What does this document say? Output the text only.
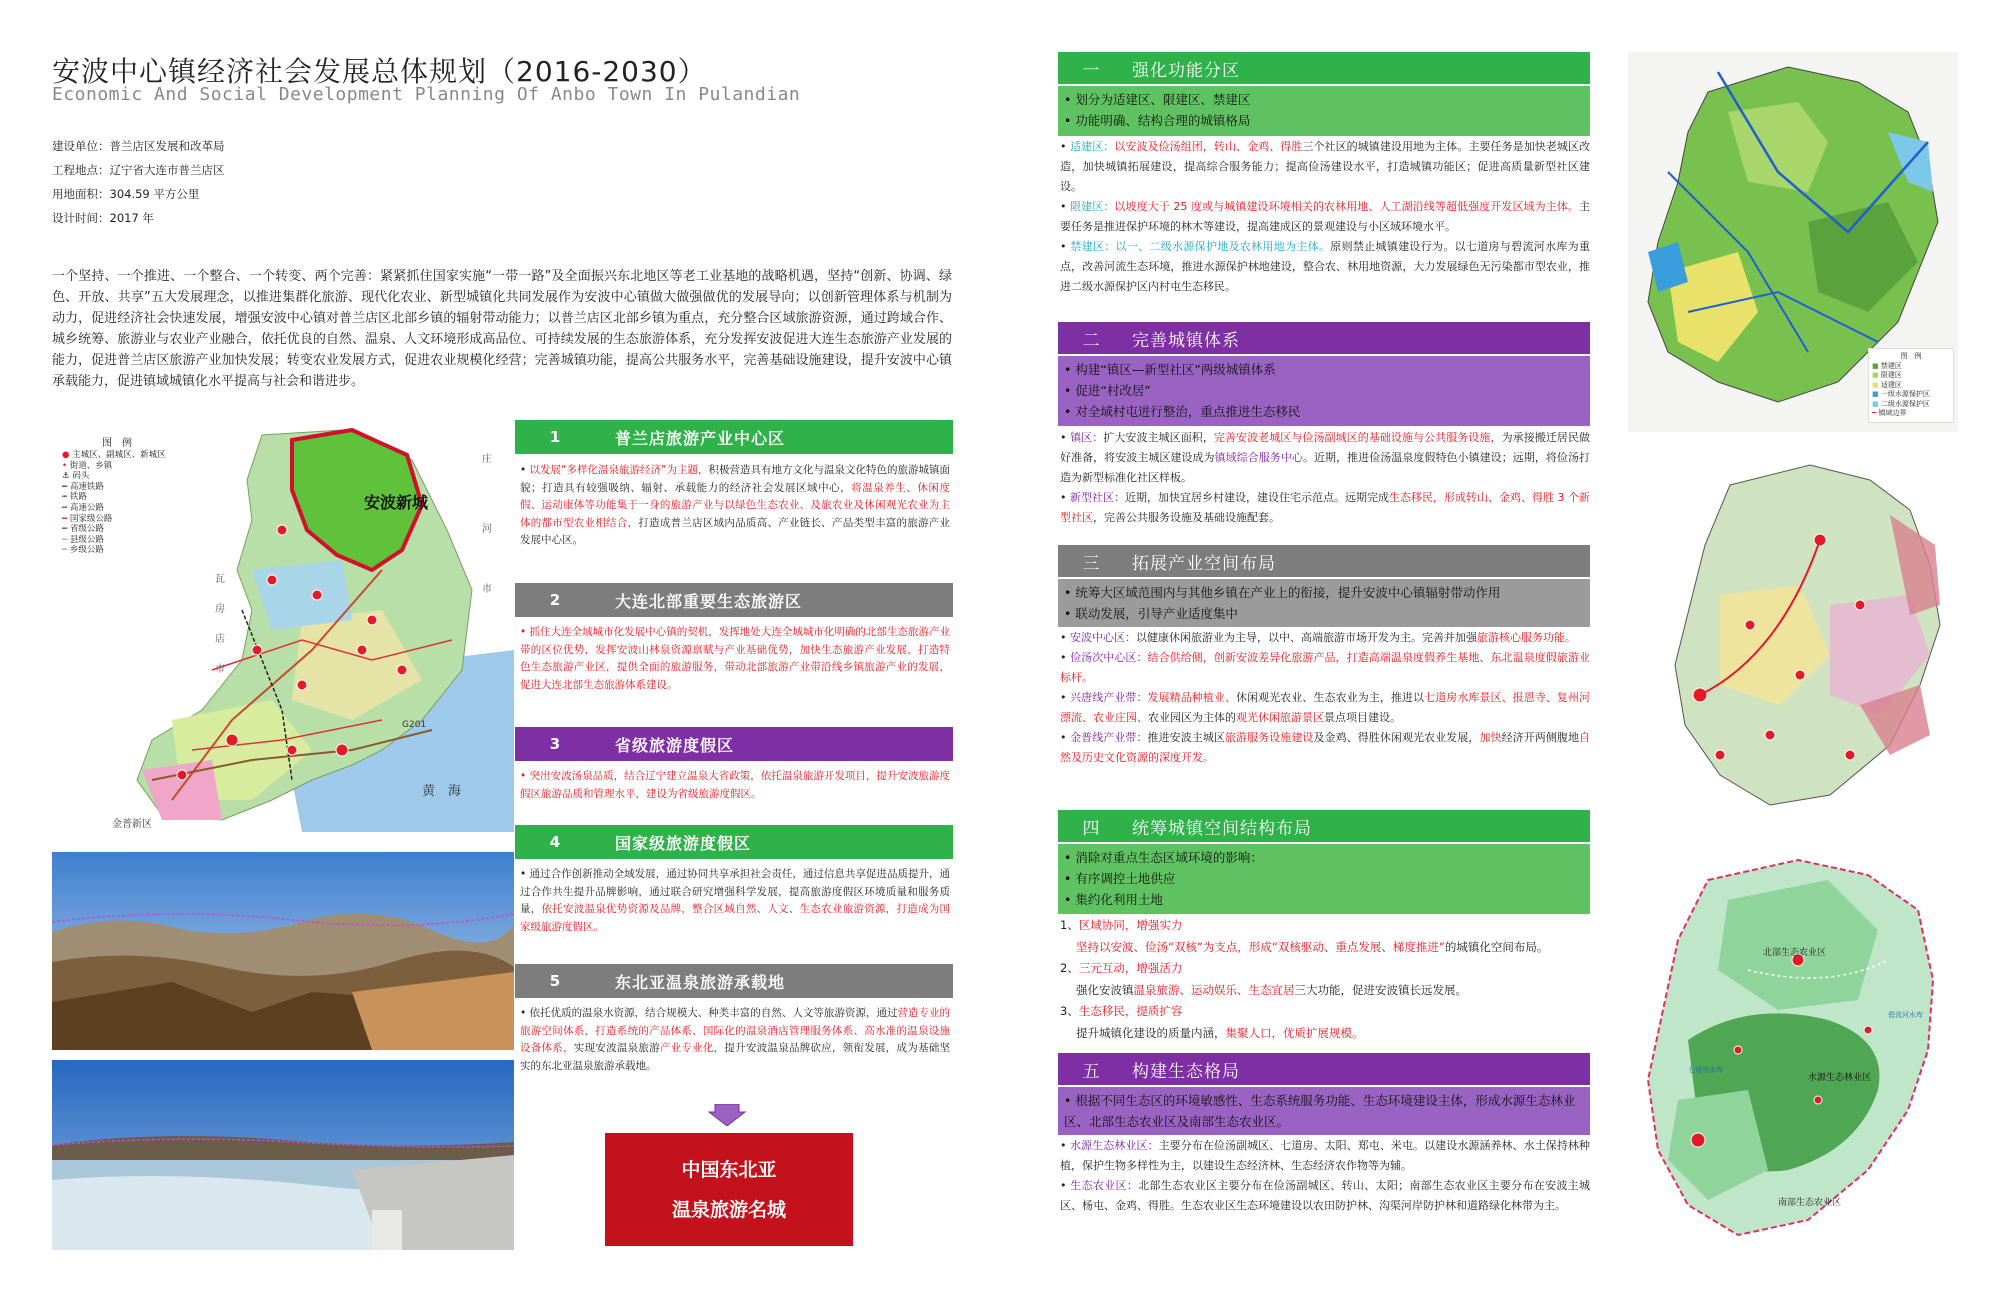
安波中心镇经济社会发展总体规划（2016-2030）
Economic And Social Development Planning Of Anbo Town In Pulandian
建设单位：普兰店区发展和改革局
工程地点：辽宁省大连市普兰店区
用地面积：304.59 平方公里
设计时间：2017 年
一个坚持、一个推进、一个整合、一个转变、两个完善：紧紧抓住国家实施“一带一路”及全面振兴东北地区等老工业基地的战略机遇，坚持“创新、协调、绿色、开放、共享”五大发展理念，以推进集群化旅游、现代化农业、新型城镇化共同发展作为安波中心镇做大做强做优的发展导向；以创新管理体系与机制为动力，促进经济社会快速发展，增强安波中心镇对普兰店区北部乡镇的辐射带动能力；以普兰店区北部乡镇为重点，充分整合区域旅游资源，通过跨域合作、城乡统筹、旅游业与农业产业融合，依托优良的自然、温泉、人文环境形成高品位、可持续发展的生态旅游体系，充分发挥安波促进大连生态旅游产业发展的能力，促进普兰店区旅游产业加快发展；转变农业发展方式，促进农业规模化经营；完善城镇功能，提高公共服务水平，完善基础设施建设，提升安波中心镇承载能力，促进镇域城镇化水平提高与社会和谐进步。
图　例
● 主城区、副城区、新城区
• 街道、乡镇
⚓ 码头
━ 高速铁路
┅ 铁路
━ 高速公路
━ 国家级公路
━ 省级公路
━ 县级公路
━ 乡级公路
安波新城
庄
河
市
瓦
房
店
市
黄　海
金普新区
G201
1	普兰店旅游产业中心区
• 以发展“多样化温泉旅游经济”为主题，积极营造具有地方文化与温泉文化特色的旅游城镇面貌；打造具有较强吸纳、辐射、承载能力的经济社会发展区域中心，将温泉养生、休闲度假、运动康体等功能集于一身的旅游产业与以绿色生态农业、及旅农业及休闲观光农业为主体的都市型农业相结合，打造成普兰店区域内品质高、产业链长、产品类型丰富的旅游产业发展中心区。
2	大连北部重要生态旅游区
• 抓住大连全域城市化发展中心镇的契机，发挥地处大连全域城市化明确的北部生态旅游产业带的区位优势，发挥安波山林泉资源禀赋与产业基础优势，加快生态旅游产业发展，打造特色生态旅游产业区，提供全面的旅游服务，带动北部旅游产业带沿线乡镇旅游产业的发展，促进大连北部生态旅游体系建设。
3	省级旅游度假区
• 突出安波汤泉品质，结合辽宁建立温泉大省政策，依托温泉旅游开发项目，提升安波旅游度假区旅游品质和管理水平，建设为省级旅游度假区。
4	国家级旅游度假区
• 通过合作创新推动全域发展，通过协同共享承担社会责任，通过信息共享促进品质提升，通过合作共生提升品牌影响，通过联合研究增强科学发展，提高旅游度假区环境质量和服务质量，依托安波温泉优势资源及品牌，整合区域自然、人文、生态农业旅游资源，打造成为国家级旅游度假区。
5	东北亚温泉旅游承载地
• 依托优质的温泉水资源，结合规模大、种类丰富的自然、人文等旅游资源，通过营造专业的旅游空间体系，打造系统的产品体系、国际化的温泉酒店管理服务体系、高水准的温泉设施设备体系，实现安波温泉旅游产业专业化，提升安波温泉品牌砍应，领衔发展，成为基础坚实的东北亚温泉旅游承载地。
中国东北亚
温泉旅游名城
一	强化功能分区
• 划分为适建区、限建区、禁建区
• 功能明确、结构合理的城镇格局
• 适建区：以安波及俭汤组团，转山、金鸡、得胜三个社区的城镇建设用地为主体。主要任务是加快老城区改造，加快城镇拓展建设，提高综合服务能力；提高俭汤建设水平，打造城镇功能区；促进高质量新型社区建设。
• 限建区：以坡度大于 25 度或与城镇建设环境相关的农林用地、人工湖沿线等超低强度开发区域为主体。主要任务是推进保护环境的林木等建设，提高建成区的景观建设与小区域环境水平。
• 禁建区：以一、二级水源保护地及农林用地为主体。原则禁止城镇建设行为。以七道房与碧流河水库为重点，改善河流生态环境，推进水源保护林地建设，整合农、林用地资源，大力发展绿色无污染都市型农业，推进二级水源保护区内村屯生态移民。
二	完善城镇体系
• 构建“镇区—新型社区”两级城镇体系
• 促进“村改居”
• 对全域村屯进行整治，重点推进生态移民
• 镇区：扩大安波主城区面积，完善安波老城区与俭汤副城区的基础设施与公共服务设施，为承接搬迁居民做好准备，将安波主城区建设成为镇域综合服务中心。近期，推进俭汤温泉度假特色小镇建设；远期，将俭汤打造为新型标准化社区样板。
• 新型社区：近期，加快宜居乡村建设，建设住宅示范点。远期完成生态移民，形成转山、金鸡、得胜 3 个新型社区，完善公共服务设施及基础设施配套。
三	拓展产业空间布局
• 统筹大区域范围内与其他乡镇在产业上的衔接，提升安波中心镇辐射带动作用
• 联动发展，引导产业适度集中
• 安波中心区：以健康休闲旅游业为主导，以中、高端旅游市场开发为主。完善并加强旅游核心服务功能。
• 俭汤次中心区：结合供给侧，创新安波差异化旅游产品，打造高端温泉度假养生基地、东北温泉度假旅游业标杆。
• 兴唐线产业带：发展精品种植业、休闲观光农业、生态农业为主，推进以七道房水库景区、报恩寺、复州河漂流、农业庄园、农业园区为主体的观光休闲旅游景区景点项目建设。
• 金普线产业带：推进安波主城区旅游服务设施建设及金鸡、得胜休闲观光农业发展，加快经济开两侧腹地自然及历史文化资源的深度开发。
四	统筹城镇空间结构布局
• 消除对重点生态区域环境的影响：
• 有序调控土地供应
• 集约化利用土地
1、区域协同，增强实力
坚持以安波、俭汤“双核”为支点，形成“双核驱动、重点发展、梯度推进”的城镇化空间布局。
2、三元互动，增强活力
强化安波镇温泉旅游、运动娱乐、生态宜居三大功能，促进安波镇长远发展。
3、生态移民，提质扩容
提升城镇化建设的质量内涵，集聚人口，优质扩展规模。
五	构建生态格局
• 根据不同生态区的环境敏感性、生态系统服务功能、生态环境建设主体，形成水源生态林业区、北部生态农业区及南部生态农业区。
• 水源生态林业区：主要分布在俭汤副城区、七道房、太阳、郑屯、米屯。以建设水源涵养林、水土保持林种植，保护生物多样性为主，以建设生态经济林、生态经济农作物等为辅。
• 生态农业区：北部生态农业区主要分布在俭汤副城区、转山、太阳；南部生态农业区主要分布在安波主城区、杨屯、金鸡、得胜。生态农业区生态环境建设以农田防护林、沟渠河岸防护林和道路绿化林带为主。
图　例
■ 禁建区
■ 限建区
■ 适建区
■ 一级水源保护区
■ 二级水源保护区
━ 镇域边界
北部生态农业区
水源生态林业区
南部生态农业区
碧流河水库
七道房水库
